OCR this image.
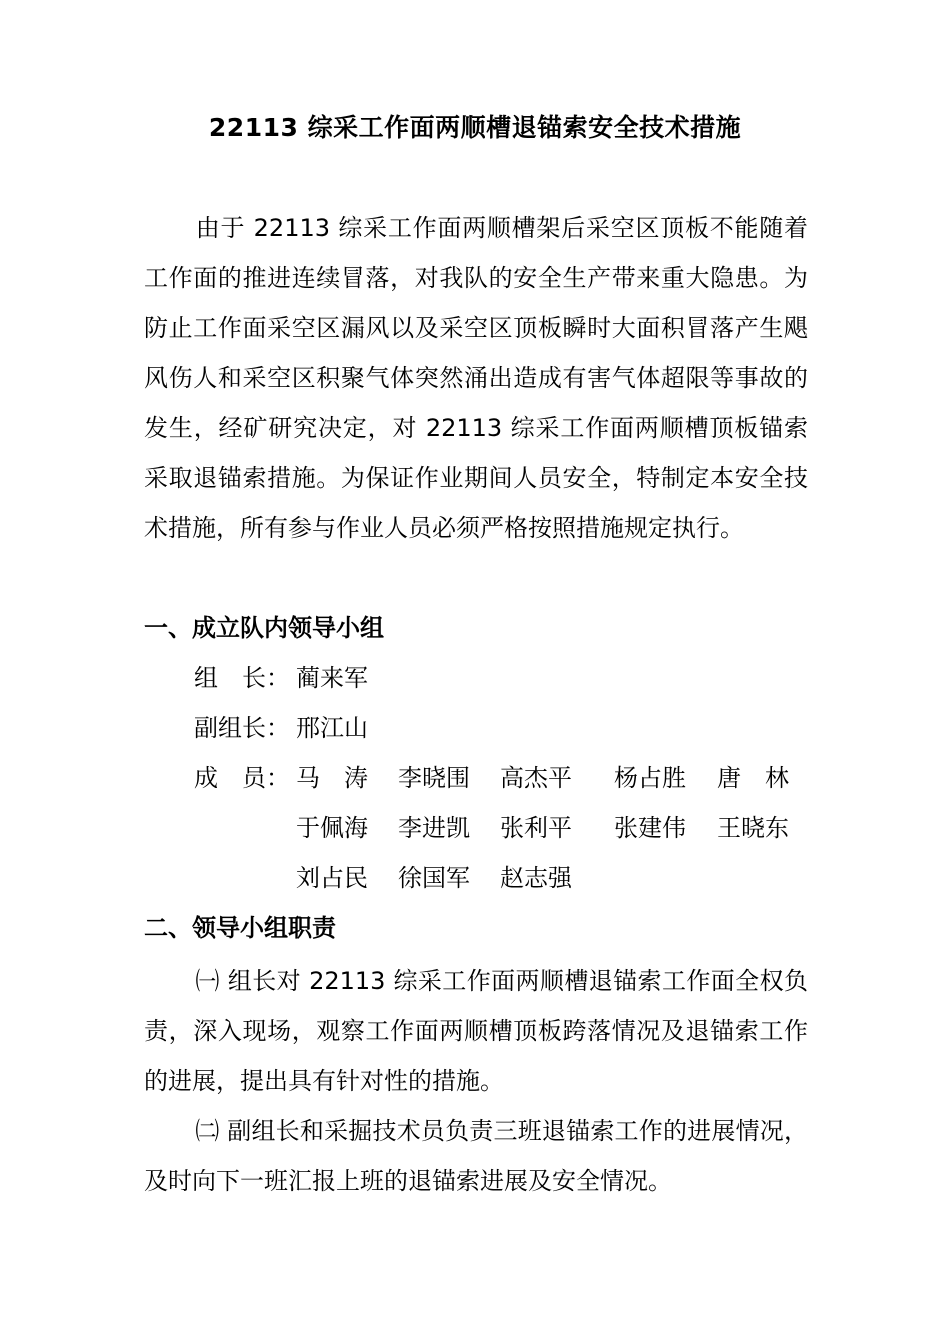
22113 综采工作面两顺槽退锚索安全技术措施

由于 22113 综采工作面两顺槽架后采空区顶板不能随着工作面的推进连续冒落，对我队的安全生产带来重大隐患。为防止工作面采空区漏风以及采空区顶板瞬时大面积冒落产生飓风伤人和采空区积聚气体突然涌出造成有害气体超限等事故的发生，经矿研究决定，对 22113 综采工作面两顺槽顶板锚索采取退锚索措施。为保证作业期间人员安全，特制定本安全技术措施，所有参与作业人员必须严格按照措施规定执行。

一、成立队内领导小组
组　长： 蔺来军
副组长： 邢江山
成　员： 马　涛 李晓围 高杰平 杨占胜 唐　林
于佩海 李进凯 张利平 张建伟 王晓东
刘占民 徐国军 赵志强
二、领导小组职责

㈠ 组长对 22113 综采工作面两顺槽退锚索工作面全权负责，深入现场，观察工作面两顺槽顶板跨落情况及退锚索工作的进展，提出具有针对性的措施。

㈡ 副组长和采掘技术员负责三班退锚索工作的进展情况，及时向下一班汇报上班的退锚索进展及安全情况。
